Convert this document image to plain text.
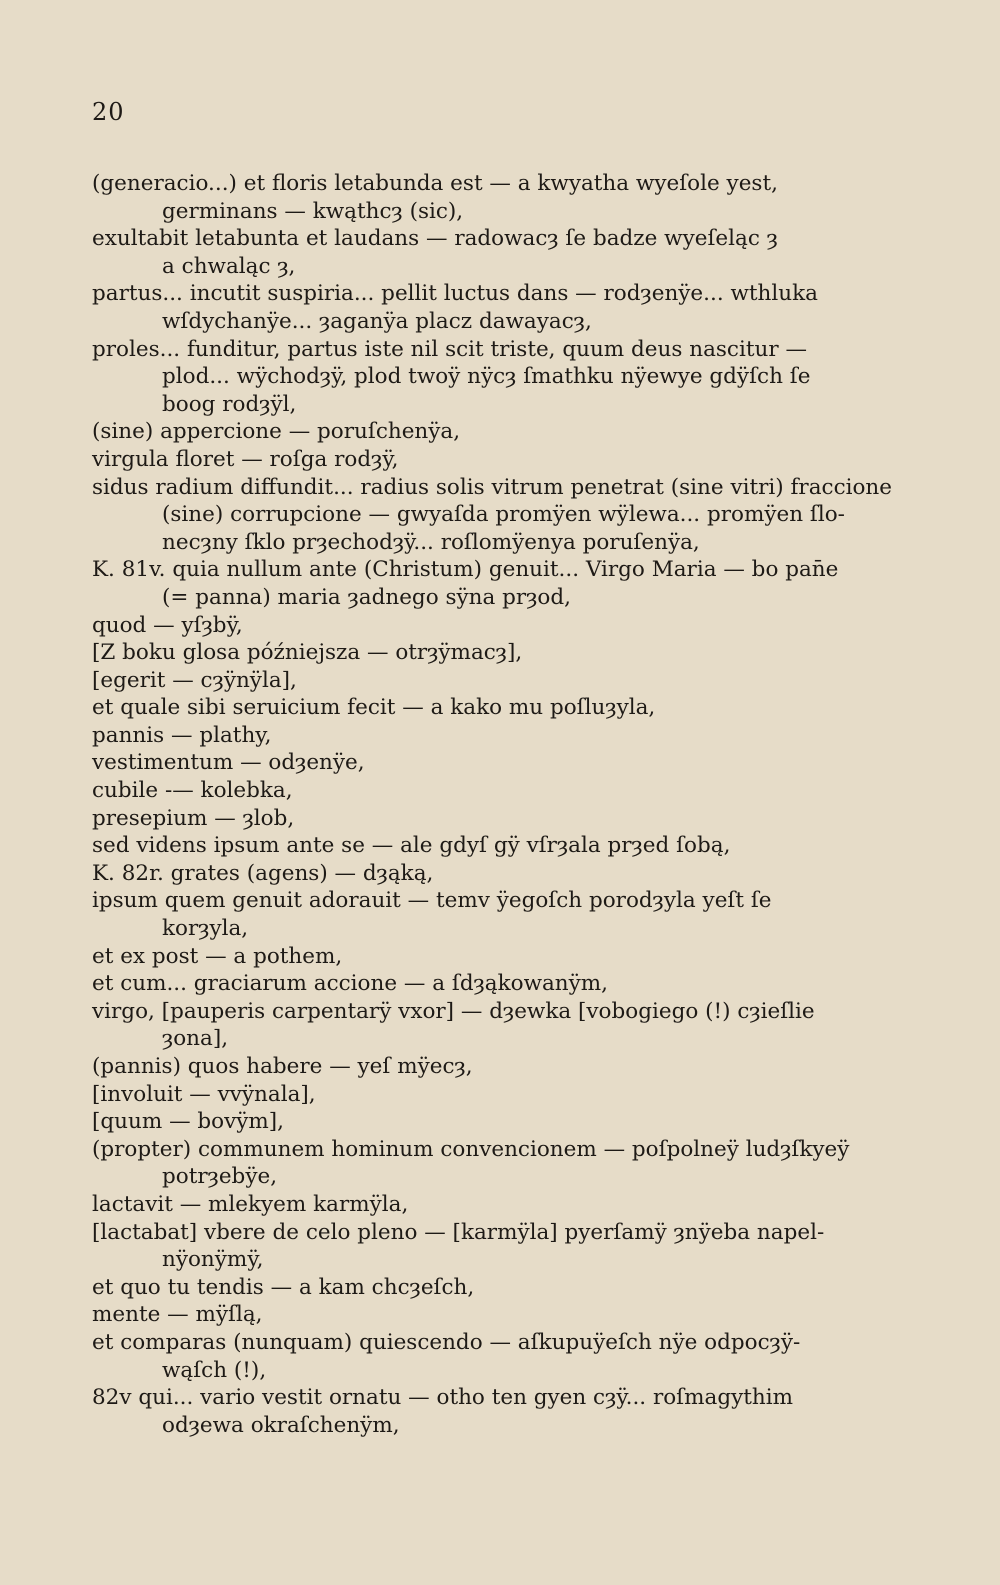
20
(generacio...) et floris letabunda est — a kwyatha wyeſole yest,
germinans — kwąthcȝ (sic),
exultabit letabunta et laudans — radowacȝ ſe badze wyeſeląc ȝ
a chwaląc ȝ,
partus... incutit suspiria... pellit luctus dans — rodȝenÿe... wthluka
wſdychanÿe... ȝaganÿa placz dawayacȝ,
proles... funditur, partus iste nil scit triste, quum deus nascitur —
plod... wÿchodȝÿ, plod twoÿ nÿcȝ ſmathku nÿewye gdÿſch ſe
boog rodȝÿl,
(sine) appercione — poruſchenÿa,
virgula floret — roſga rodȝÿ,
sidus radium diffundit... radius solis vitrum penetrat (sine vitri) fraccione
(sine) corrupcione — gwyaſda promÿen wÿlewa... promÿen ſlo-
necȝny ſklo prȝechodȝÿ... roſlomÿenya poruſenÿa,
K. 81v. quia nullum ante (Christum) genuit... Virgo Maria — bo pan̄e
(= panna) maria ȝadnego sÿna prȝod,
quod — yſȝbÿ,
[Z boku glosa późniejsza — otrȝÿmacȝ],
[egerit — cȝÿnÿla],
et quale sibi seruicium fecit — a kako mu poſluȝyla,
pannis — plathy,
vestimentum — odȝenÿe,
cubile -— kolebka,
presepium — ȝlob,
sed videns ipsum ante se — ale gdyſ gÿ vſrȝala prȝed ſobą,
K. 82r. grates (agens) — dȝąką,
ipsum quem genuit adorauit — temv ÿegoſch porodȝyla yeſt ſe
korȝyla,
et ex post — a pothem,
et cum... graciarum accione — a ſdȝąkowanÿm,
virgo, [pauperis carpentarÿ vxor] — dȝewka [vobogiego (!) cȝieſlie
ȝona],
(pannis) quos habere — yeſ mÿecȝ,
[involuit — vvÿnala],
[quum — bovÿm],
(propter) communem hominum convencionem — poſpolneÿ ludȝſkyeÿ
potrȝebÿe,
lactavit — mlekyem karmÿla,
[lactabat] vbere de celo pleno — [karmÿla] pyerſamÿ ȝnÿeba napel-
nÿonÿmÿ,
et quo tu tendis — a kam chcȝeſch,
mente — mÿſlą,
et comparas (nunquam) quiescendo — aſkupuÿeſch nÿe odpocȝÿ-
wąſch (!),
82v qui... vario vestit ornatu — otho ten gyen cȝÿ... roſmagythim
odȝewa okraſchenÿm,
